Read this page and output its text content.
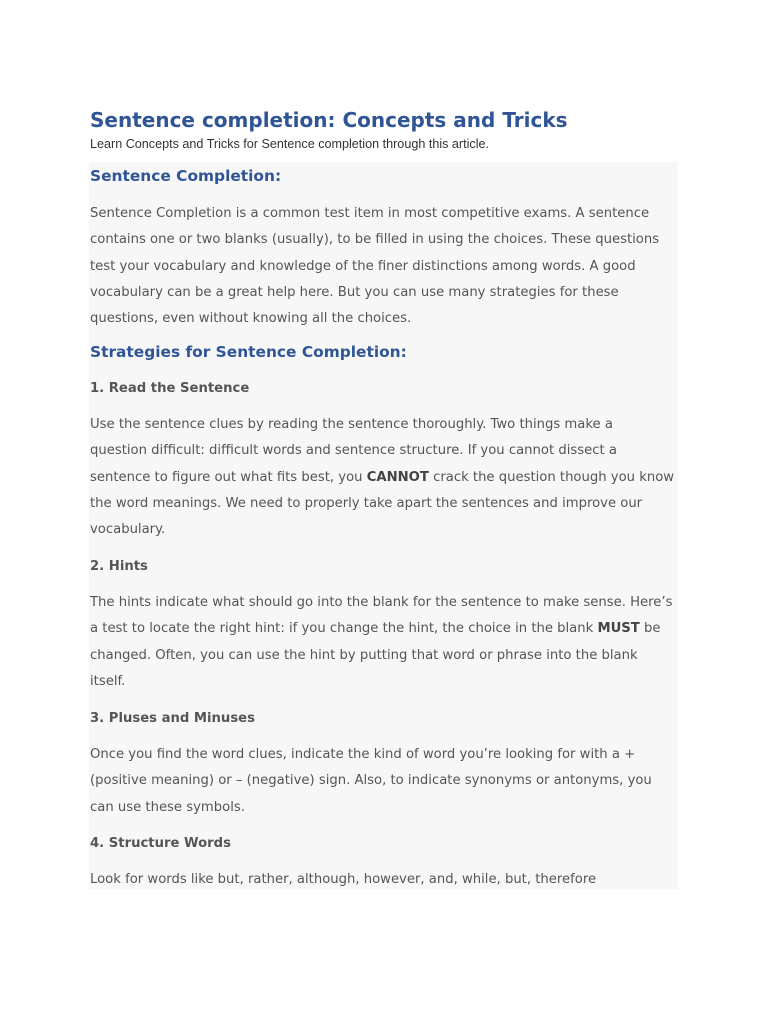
Sentence completion: Concepts and Tricks

Learn Concepts and Tricks for Sentence completion through this article.

Sentence Completion:

Sentence Completion is a common test item in most competitive exams. A sentence
contains one or two blanks (usually), to be filled in using the choices. These questions
test your vocabulary and knowledge of the finer distinctions among words. A good
vocabulary can be a great help here. But you can use many strategies for these
questions, even without knowing all the choices.

Strategies for Sentence Completion:
1. Read the Sentence

Use the sentence clues by reading the sentence thoroughly. Two things make a
question difficult: difficult words and sentence structure. If you cannot dissect a
sentence to figure out what fits best, you CANNOT crack the question though you know
the word meanings. We need to properly take apart the sentences and improve our
vocabulary.

2. Hints

The hints indicate what should go into the blank for the sentence to make sense. Here’s
a test to locate the right hint: if you change the hint, the choice in the blank MUST be
changed. Often, you can use the hint by putting that word or phrase into the blank
itself.

3. Pluses and Minuses

Once you find the word clues, indicate the kind of word you’re looking for with a +
(positive meaning) or – (negative) sign. Also, to indicate synonyms or antonyms, you
can use these symbols.

4. Structure Words

Look for words like but, rather, although, however, and, while, but, therefore
